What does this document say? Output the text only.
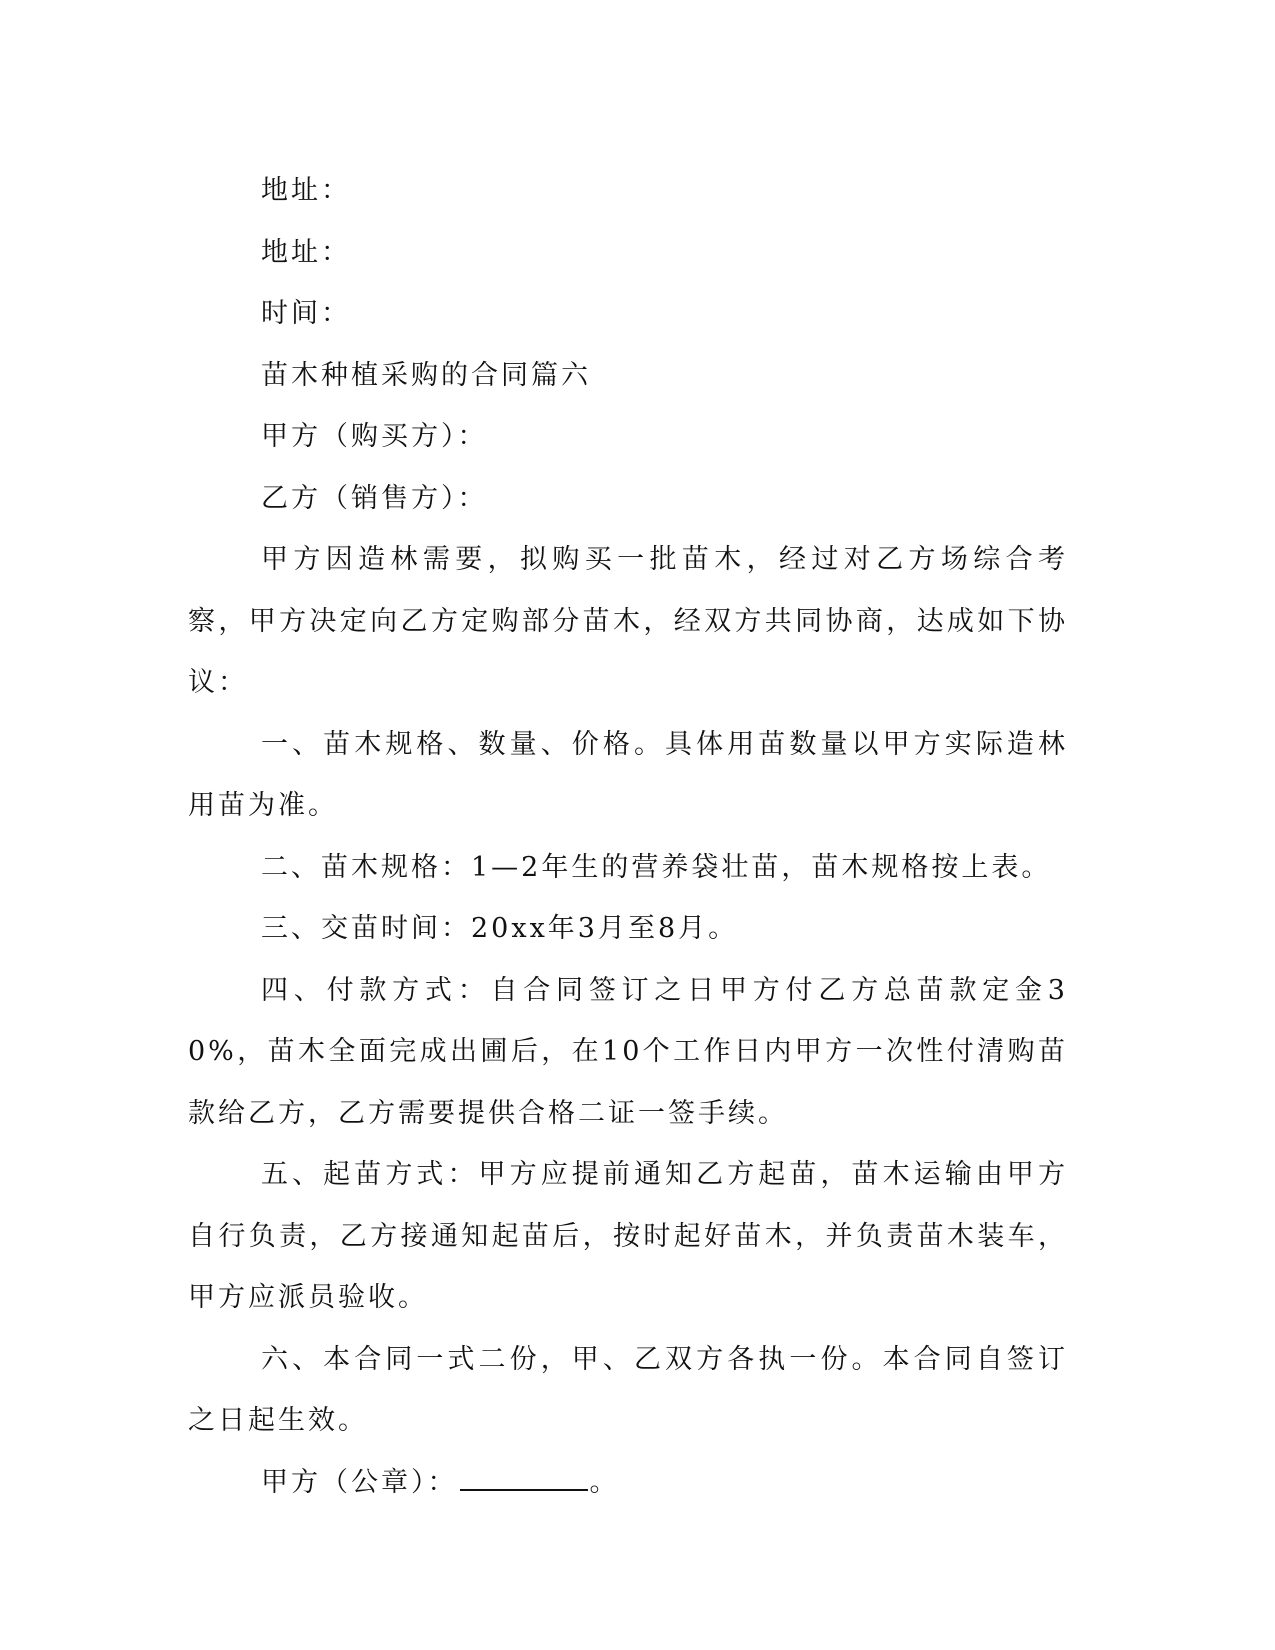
地址：

地址：

时间：

苗木种植采购的合同篇六

甲方（购买方）：

乙方（销售方）：

甲方因造林需要，拟购买一批苗木，经过对乙方场综合考察，甲方决定向乙方定购部分苗木，经双方共同协商，达成如下协议：

一、苗木规格、数量、价格。具体用苗数量以甲方实际造林用苗为准。

二、苗木规格：1—2年生的营养袋壮苗，苗木规格按上表。

三、交苗时间：20xx年3月至8月。

四、付款方式：自合同签订之日甲方付乙方总苗款定金30%，苗木全面完成出圃后，在10个工作日内甲方一次性付清购苗款给乙方，乙方需要提供合格二证一签手续。

五、起苗方式：甲方应提前通知乙方起苗，苗木运输由甲方自行负责，乙方接通知起苗后，按时起好苗木，并负责苗木装车，甲方应派员验收。

六、本合同一式二份，甲、乙双方各执一份。本合同自签订之日起生效。

甲方（公章）：	。
